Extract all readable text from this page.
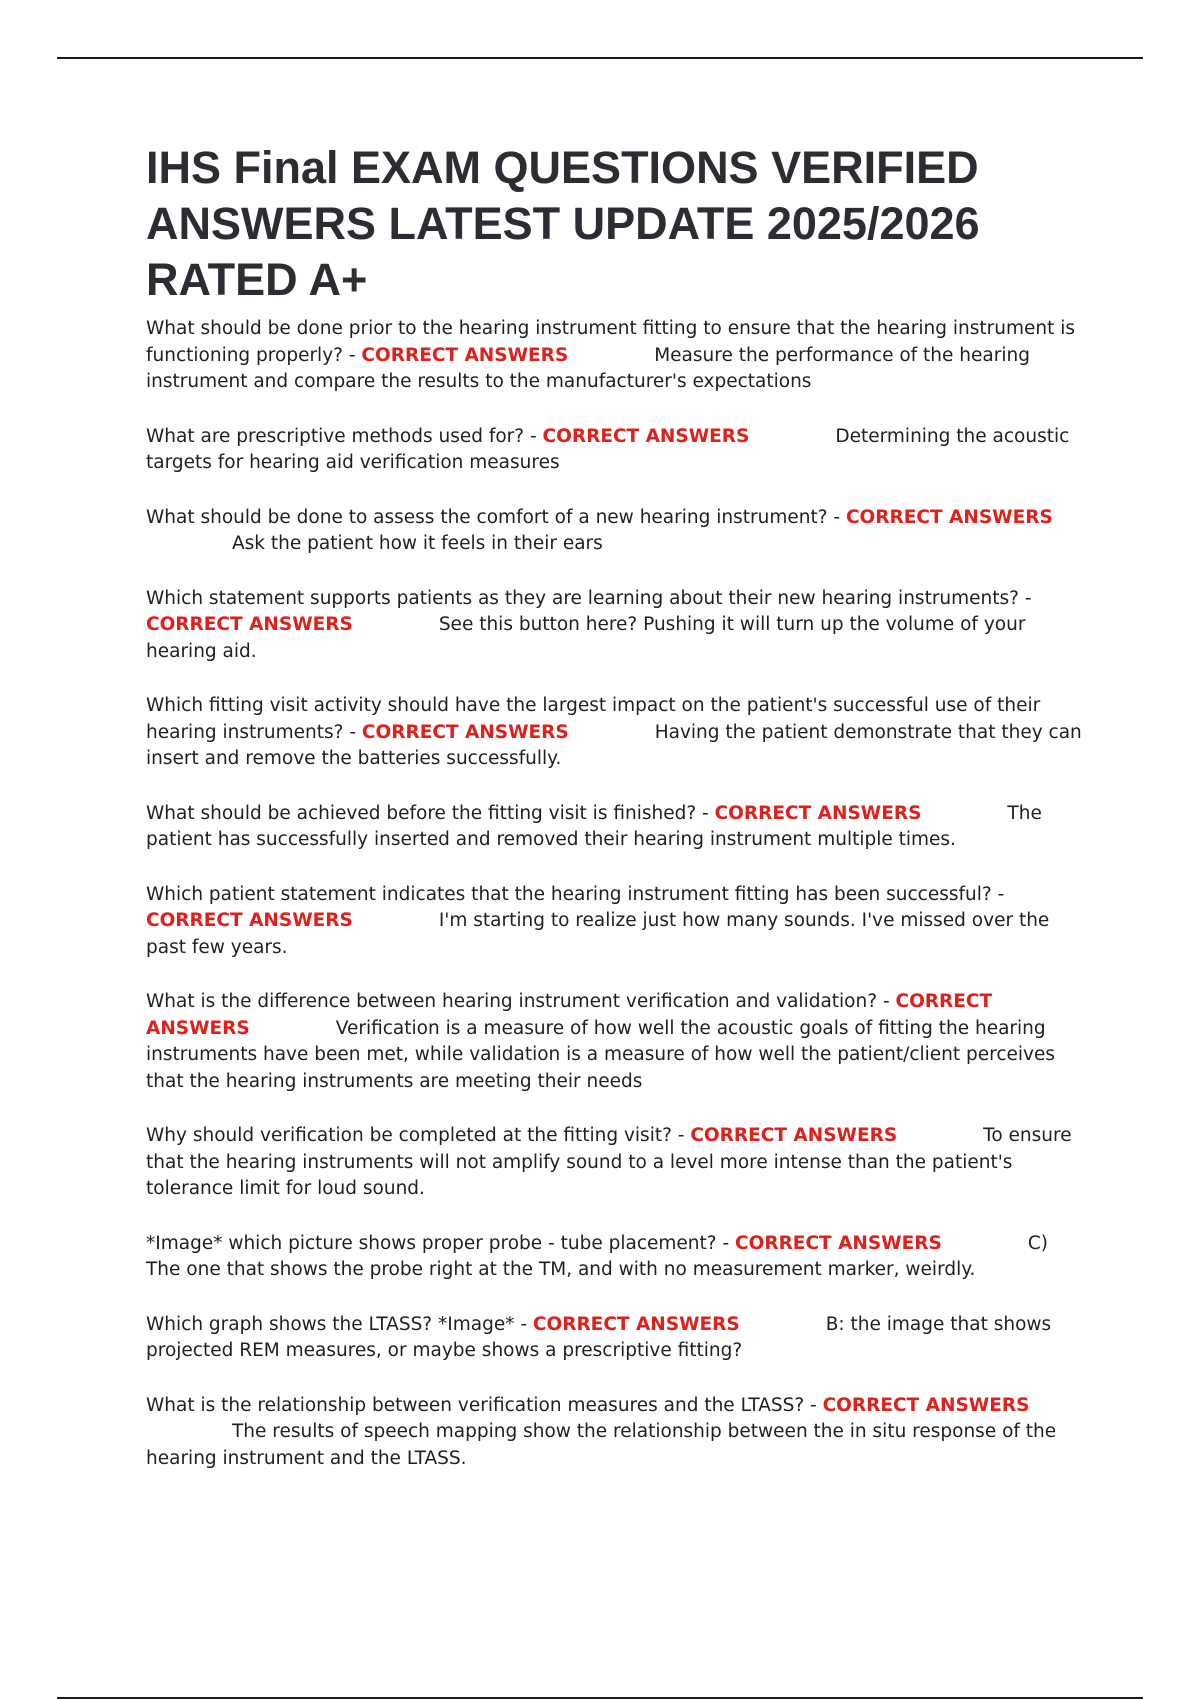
IHS Final EXAM QUESTIONS VERIFIED ANSWERS LATEST UPDATE 2025/2026 RATED A+

What should be done prior to the hearing instrument fitting to ensure that the hearing instrument is functioning properly? - CORRECT ANSWERS	Measure the performance of the hearing instrument and compare the results to the manufacturer's expectations

What are prescriptive methods used for? - CORRECT ANSWERS	Determining the acoustic targets for hearing aid verification measures

What should be done to assess the comfort of a new hearing instrument? - CORRECT ANSWERSAsk the patient how it feels in their ears

Which statement supports patients as they are learning about their new hearing instruments? - CORRECT ANSWERS	See this button here? Pushing it will turn up the volume of your hearing aid.

Which fitting visit activity should have the largest impact on the patient's successful use of their hearing instruments? - CORRECT ANSWERS	Having the patient demonstrate that they can insert and remove the batteries successfully.

What should be achieved before the fitting visit is finished? - CORRECT ANSWERS	The patient has successfully inserted and removed their hearing instrument multiple times.

Which patient statement indicates that the hearing instrument fitting has been successful? - CORRECT ANSWERS	I'm starting to realize just how many sounds. I've missed over the past few years.

What is the difference between hearing instrument verification and validation? - CORRECT ANSWERS	Verification is a measure of how well the acoustic goals of fitting the hearing instruments have been met, while validation is a measure of how well the patient/client perceives that the hearing instruments are meeting their needs

Why should verification be completed at the fitting visit? - CORRECT ANSWERS	To ensure that the hearing instruments will not amplify sound to a level more intense than the patient's tolerance limit for loud sound.

*Image* which picture shows proper probe - tube placement? - CORRECT ANSWERS	C) The one that shows the probe right at the TM, and with no measurement marker, weirdly.

Which graph shows the LTASS? *Image* - CORRECT ANSWERS	B: the image that shows projected REM measures, or maybe shows a prescriptive fitting?

What is the relationship between verification measures and the LTASS? - CORRECT ANSWERSThe results of speech mapping show the relationship between the in situ response of the hearing instrument and the LTASS.
